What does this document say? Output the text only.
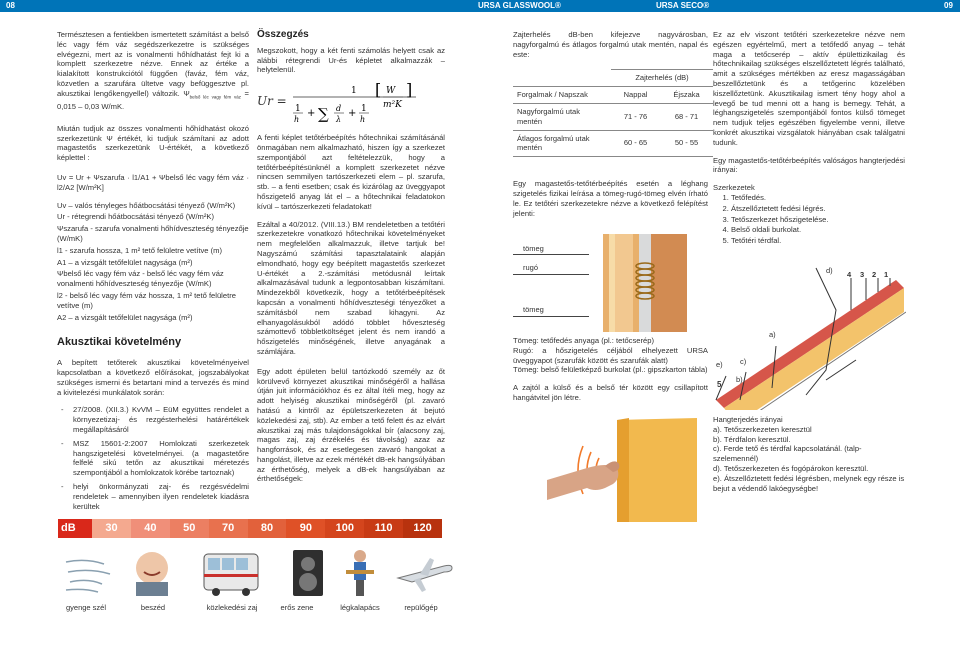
08	URSA GLASSWOOL®	URSA SECO®	09

Természtesen a fentiekben ismertetett számítást a belső léc vagy fém váz segédszerkezetre is szükséges elvégezni, mert az is vonalmenti hőhídhatást fejt ki a komplett szerkezetre nézve. Ennek az értéke a kialakított konstrukciótól függően (faváz, fém váz, közvetlen a szarufára ültetve vagy befüggesztve pl. akusztikai lengőkengyellel) változik. $\Psi_{belső léc vagy fém váz} = 0,015 - 0,03$ W/mK.

Miután tudjuk az összes vonalmenti hőhídhatást okozó szerkezetünk Ψ értékét, ki tudjuk számítani az adott magastetős szerkezetünk U-értékét, a következő képlettel :

Uv = Ur + Ψszarufa · l1/A1 + Ψbelső léc vagy fém váz · l2/A2 [W/m²K]

Uv – valós tényleges hőátbocsátási tényező (W/m²K)
Ur - rétegrendi hőátbocsátási tényező (W/m²K)
Ψszarufa - szarufa vonalmenti hőhídveszteség tényezője (W/mK)
l1 - szarufa hossza, 1 m² tető felületre vetítve (m)
A1 – a vizsgált tetőfelület nagysága (m²)
Ψbelső léc vagy fém váz - belső léc vagy fém váz vonalmenti hőhídveszteség tényezője (W/mK)
l2 - belső léc vagy fém váz hossza, 1 m² tető felületre vetítve (m)
A2 – a vizsgált tetőfelület nagysága (m²)
Akusztikai követelmény

A bepített tetőterek akusztikai követelményeivel kapcsolatban a következő előírásokat, jogszabályokat szükséges ismerni és betartani mind a tervezés és mind a kivitelezési munkálatok során:

- 27/2008. (XII.3.) KvVM – EüM együttes rendelet a környezetizaj- és rezgésterhelési határértékek megállapításáról
- MSZ 15601-2:2007 Homlokzati szerkezetek hangszigetelési követelményei. (a magastetőre felfelé sikú tetőn az akusztikai méretezés szempontjából a homlokzatok körébe tartoznak)
- helyi önkormányzati zaj- és rezgésvédelmi rendeletek – amennyiben ilyen rendeletek kiadásra kerültek
Összegzés

Megszokott, hogy a két fenti számolás helyett csak az alábbi rétegrendi Ur-és képletet alkalmazzák – helytelenül.

Ur =
1
1
h
+ ∑ d
λ
+ 1
h
[ W
m²K
]

A fenti képlet tetőtérbeépítés hőtechnikai számításánál önmagában nem alkalmazható, hiszen így a szerkezet szempontjából azt feltételezzük, hogy a tetőtérbeépítésünknél a komplett szerkezetet nézve nincsen semmilyen tartószerkezeti elem – pl. szarufa, stb. – a fenti esetben; csak és kizárólag az üveggyapot hőszigetelő anyag lát el – a hőtechnikai feladatokon kívül – tartószerkezeti feladatokat!

Ezáltal a 40/2012. (VIII.13.) BM rendeletetben a tetőtéri szerkezetekre vonatkozó hőtechnikai követelményeket nem megfelelően alkalmazzuk, illetve tartjuk be! Nagyszámú számítási tapasztalataink alapján elmondható, hogy egy beépített magastetős szerkezet U-értékét a 2.-számítási metódusnál leírtak alkalmazásával tudunk a legpontosabban kiszámítani. Mindezekből következik, hogy a tetőtérbeépítések kapcsán a vonalmenti hőhídveszteségi tényezőket a számításból nem szabad kihagyni. Az elhanyagolásukból adódó többlet hőveszteség számottevő többletköltséget jelent és nem irandó a hőszigetelés minőségének, illetve anyagának a számlájára.

Egy adott épületen belül tartózkodó személy az őt körülvevő környezet akusztikai minőségéről a hallása útján juit információkhoz és ez által ítéli meg, hogy az adott helyiség akusztikai minőségéről (pl. zavaró hatású a kintről az épületszerkezeten át bejutó közlekedési zaj, stb). Az ember a tető felett és az elvárt akusztikai zaj más tulajdonságokkal bír (alacsony zaj, magas zaj, zaj érzékelés és távolság) azaz az hangforrások, és az esetlegesen zavaró hangokat a hangolást, illetve az ezek mértékét dB-ek hangsúlyában az érthetőség, melyek a dB-ek hangsúlyában az érthetőségek:

Zajterhelés dB-ben kifejezve nagyvárosban, nagyforgalmú és átlagos forgalmú utak mentén, napal és este:

	Zajterhelés (dB)	
Forgalmak / Napszak	Nappal	Éjszaka
Nagyforgalmú utak mentén	71 - 76	68 - 71
Átlagos forgalmú utak mentén	60 - 65	50 - 55

Egy magastetős-tetőtérbeépítés esetén a léghang szigetelés fizikai leírása a tömeg-rugó-tömeg elvén írható le. Ez tetőtéri szerkezetekre nézve a következő felépítést jelenti:

tömeg
rugó
tömeg

Tömeg: tetőfedés anyaga (pl.: tetőcserép)
Rugó: a hőszigetelés céljából elhelyezett URSA üveggyapot (szarufák között és szarufák alatt)
Tömeg: belső felületképző burkolat (pl.: gipszkarton tábla)

A zajtól a külső és a belső tér között egy csillapított hangátvitel jön létre.

Ez az elv viszont tetőtéri szerkezetekre nézve nem egészen egyértelmű, mert a tetőfedő anyag – tehát maga a tetőcserép – aktív épülettizikailag és hőtechnikailag szükséges elszellőztetett légrés található, amit a szükséges mértékben az eresz magasságában beszellőztetünk és a tetőgerinc közelében kiszellőztetünk. Akusztikailag ismert tény hogy ahol a levegő be tud menni ott a hang is bemegy. Tehát, a léghangszigetelés szempontjából fontos külső tömeget nem tudjuk teljes egészében figyelembe venni, illetve konkrét akusztikai vizsgálatok hiányában csak találgatni tudunk.

Egy magastetős-tetőtérbeépítés valóságos hangterjedési irányai:

Szerkezetek
1. Tetőfedés.
2. Átszellőztetett fedési légrés.
3. Tetőszerkezet hőszigetelése.
4. Belső oldali burkolat.
5. Tetőtéri térdfal.
4 3 2 1
d)
a)
c)
b)
e)
5
Hangterjedés irányai
a). Tetőszerkezeten keresztül
b). Térdfalon keresztül.
c). Ferde tető és térdfal kapcsolatánál. (talp-szelemennél)
d). Tetőszerkezeten és fogópárokon keresztül.
e). Átszellőztetett fedési légrésben, melynek egy része is bejut a védendő lakóegységbe!
dB	30	40	50	70	80	90	100	110	120
gyenge szél	beszéd	közlekedési zaj	erős zene	légkalapács	repülőgép
